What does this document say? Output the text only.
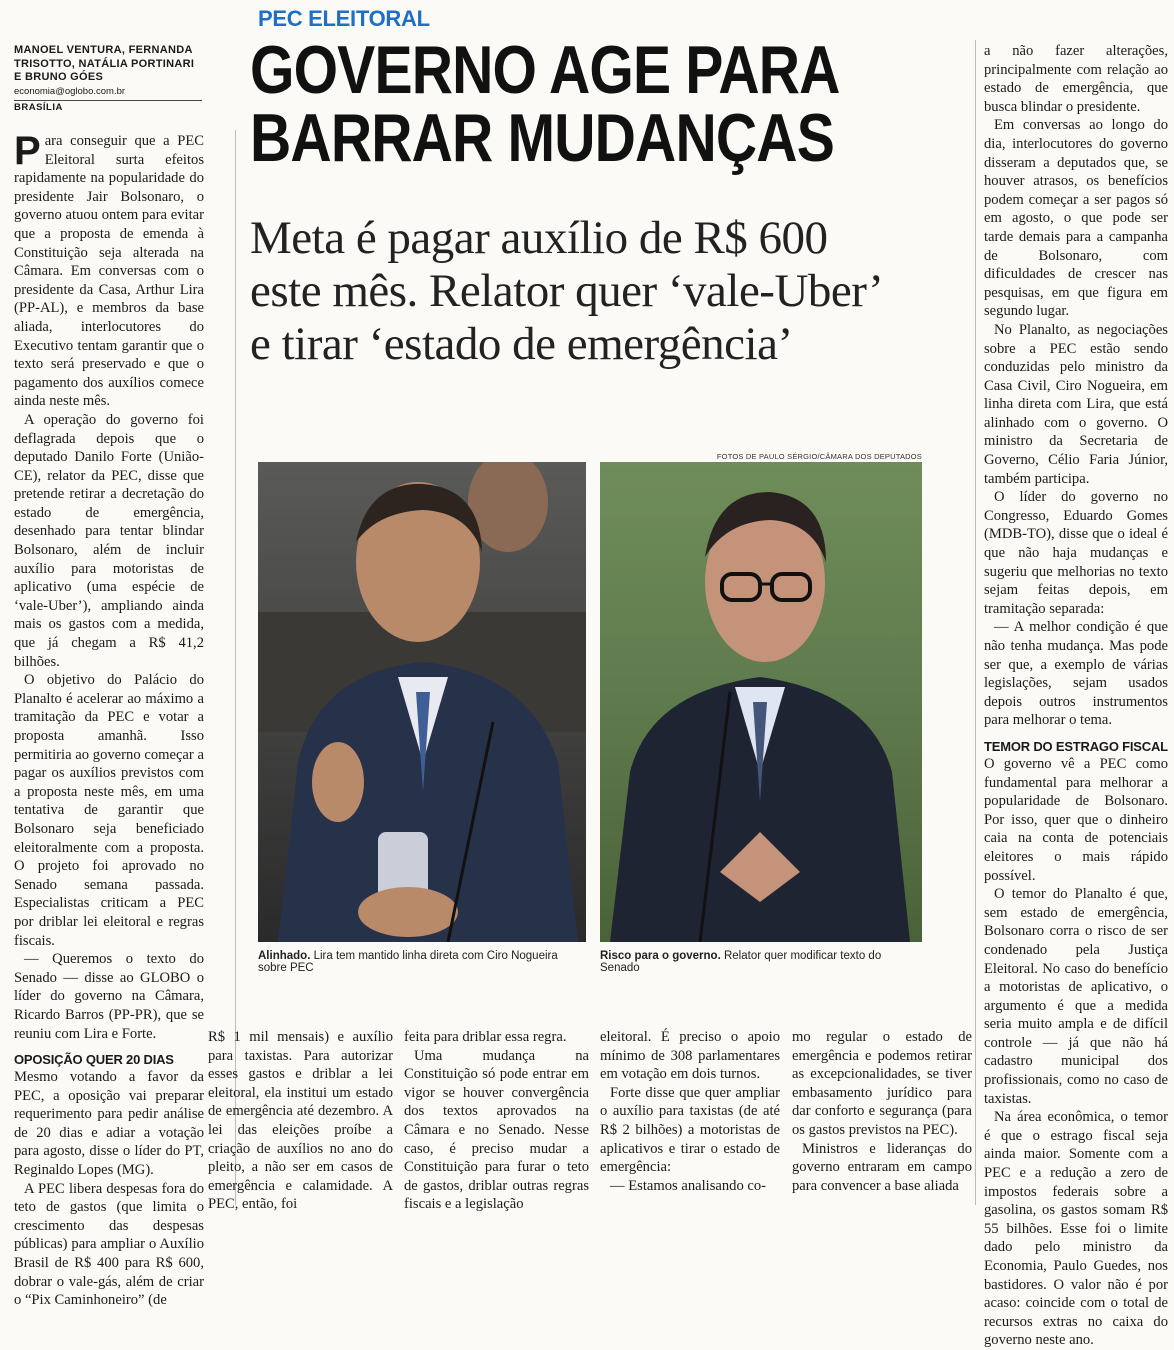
PEC ELEITORAL
GOVERNO AGE PARA
BARRAR MUDANÇAS
Meta é pagar auxílio de R$ 600
este mês. Relator quer ‘vale-Uber’
e tirar ‘estado de emergência’
MANOEL VENTURA, FERNANDA
TRISOTTO, NATÁLIA PORTINARI
E BRUNO GÓES
economia@oglobo.com.br
BRASÍLIA

Para conseguir que a PEC Eleitoral surta efeitos rapidamente na popularidade do presidente Jair Bolsonaro, o governo atuou ontem para evitar que a proposta de emenda à Constituição seja alterada na Câmara. Em conversas com o presidente da Casa, Arthur Lira (PP-AL), e membros da base aliada, interlocutores do Executivo tentam garantir que o texto será preservado e que o pagamento dos auxílios comece ainda neste mês.

A operação do governo foi deflagrada depois que o deputado Danilo Forte (União-CE), relator da PEC, disse que pretende retirar a decretação do estado de emergência, desenhado para tentar blindar Bolsonaro, além de incluir auxílio para motoristas de aplicativo (uma espécie de ‘vale-Uber’), ampliando ainda mais os gastos com a medida, que já chegam a R$ 41,2 bilhões.

O objetivo do Palácio do Planalto é acelerar ao máximo a tramitação da PEC e votar a proposta amanhã. Isso permitiria ao governo começar a pagar os auxílios previstos com a proposta neste mês, em uma tentativa de garantir que Bolsonaro seja beneficiado eleitoralmente com a proposta. O projeto foi aprovado no Senado semana passada. Especialistas criticam a PEC por driblar lei eleitoral e regras fiscais.

— Queremos o texto do Senado — disse ao GLOBO o líder do governo na Câmara, Ricardo Barros (PP-PR), que se reuniu com Lira e Forte.

OPOSIÇÃO QUER 20 DIAS

Mesmo votando a favor da PEC, a oposição vai preparar requerimento para pedir análise de 20 dias e adiar a votação para agosto, disse o líder do PT, Reginaldo Lopes (MG).

A PEC libera despesas fora do teto de gastos (que limita o crescimento das despesas públicas) para ampliar o Auxílio Brasil de R$ 400 para R$ 600, dobrar o vale-gás, além de criar o “Pix Caminhoneiro” (de

FOTOS DE PAULO SÉRGIO/CÂMARA DOS DEPUTADOS
Alinhado. Lira tem mantido linha direta com Ciro Nogueira sobre PEC
Risco para o governo. Relator quer modificar texto do Senado

R$ 1 mil mensais) e auxílio para taxistas. Para autorizar esses gastos e driblar a lei eleitoral, ela institui um estado de emergência até dezembro. A lei das eleições proíbe a criação de auxílios no ano do pleito, a não ser em casos de emergência e calamidade. A PEC, então, foi

feita para driblar essa regra.

Uma mudança na Constituição só pode entrar em vigor se houver convergência dos textos aprovados na Câmara e no Senado. Nesse caso, é preciso mudar a Constituição para furar o teto de gastos, driblar outras regras fiscais e a legislação

eleitoral. É preciso o apoio mínimo de 308 parlamentares em votação em dois turnos.

Forte disse que quer ampliar o auxílio para taxistas (de até R$ 2 bilhões) a motoristas de aplicativos e tirar o estado de emergência:

— Estamos analisando co-

mo regular o estado de emergência e podemos retirar as excepcionalidades, se tiver embasamento jurídico para dar conforto e segurança (para os gastos previstos na PEC).

Ministros e lideranças do governo entraram em campo para convencer a base aliada

a não fazer alterações, principalmente com relação ao estado de emergência, que busca blindar o presidente.

Em conversas ao longo do dia, interlocutores do governo disseram a deputados que, se houver atrasos, os benefícios podem começar a ser pagos só em agosto, o que pode ser tarde demais para a campanha de Bolsonaro, com dificuldades de crescer nas pesquisas, em que figura em segundo lugar.

No Planalto, as negociações sobre a PEC estão sendo conduzidas pelo ministro da Casa Civil, Ciro Nogueira, em linha direta com Lira, que está alinhado com o governo. O ministro da Secretaria de Governo, Célio Faria Júnior, também participa.

O líder do governo no Congresso, Eduardo Gomes (MDB-TO), disse que o ideal é que não haja mudanças e sugeriu que melhorias no texto sejam feitas depois, em tramitação separada:

— A melhor condição é que não tenha mudança. Mas pode ser que, a exemplo de várias legislações, sejam usados depois outros instrumentos para melhorar o tema.

TEMOR DO ESTRAGO FISCAL

O governo vê a PEC como fundamental para melhorar a popularidade de Bolsonaro. Por isso, quer que o dinheiro caia na conta de potenciais eleitores o mais rápido possível.

O temor do Planalto é que, sem estado de emergência, Bolsonaro corra o risco de ser condenado pela Justiça Eleitoral. No caso do benefício a motoristas de aplicativo, o argumento é que a medida seria muito ampla e de difícil controle — já que não há cadastro municipal dos profissionais, como no caso de taxistas.

Na área econômica, o temor é que o estrago fiscal seja ainda maior. Somente com a PEC e a redução a zero de impostos federais sobre a gasolina, os gastos somam R$ 55 bilhões. Esse foi o limite dado pelo ministro da Economia, Paulo Guedes, nos bastidores. O valor não é por acaso: coincide com o total de recursos extras no caixa do governo neste ano.
